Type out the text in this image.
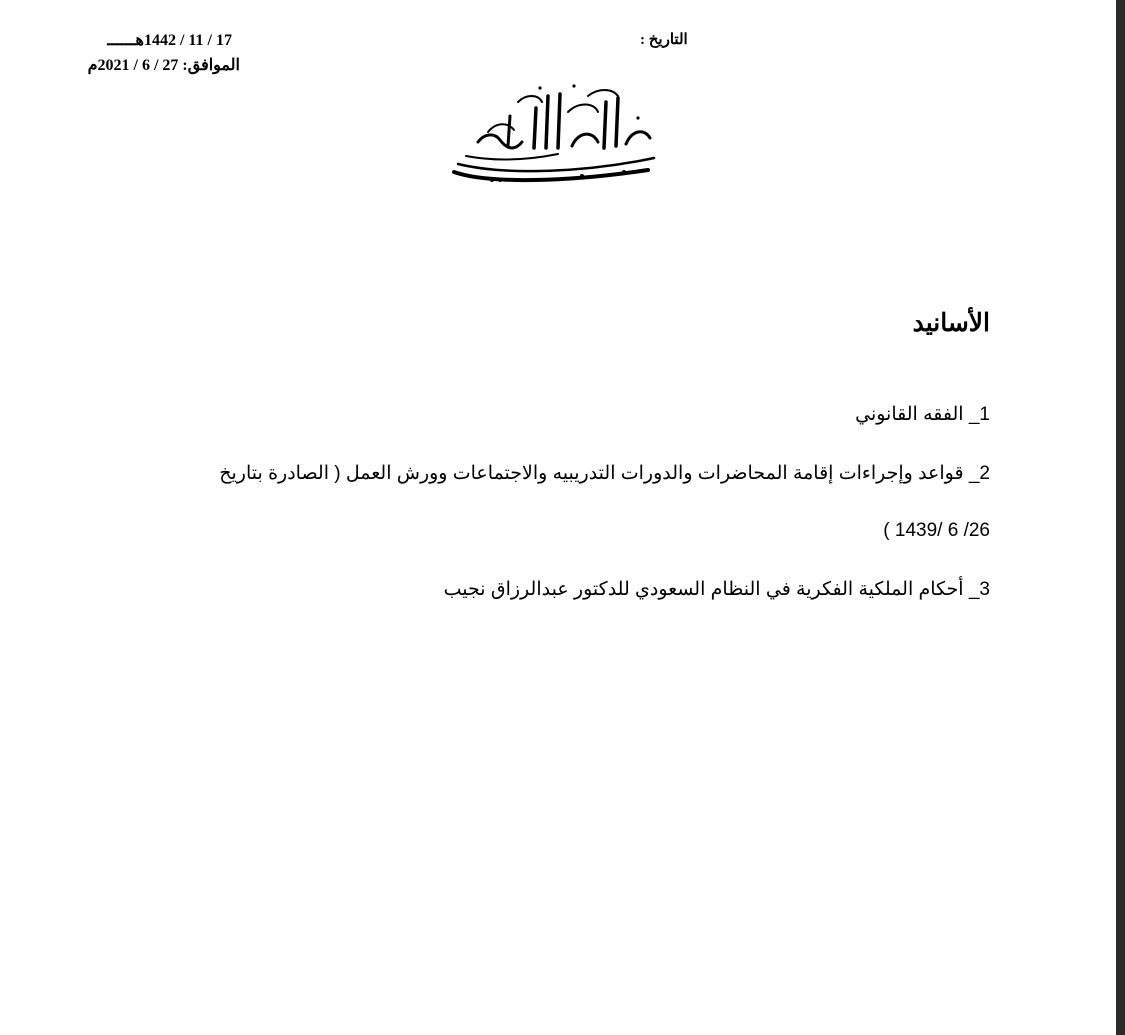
التاريخ :
17 / 11 / 1442هــــــ
الموافق: 27 / 6 / 2021م
الأسانيد
1_ الفقه القانوني
2_ قواعد وإجراءات إقامة المحاضرات والدورات التدريبيه والاجتماعات وورش العمل ( الصادرة بتاريخ
26/ 6 /1439 )
3_ أحكام الملكية الفكرية في النظام السعودي للدكتور عبدالرزاق نجيب
